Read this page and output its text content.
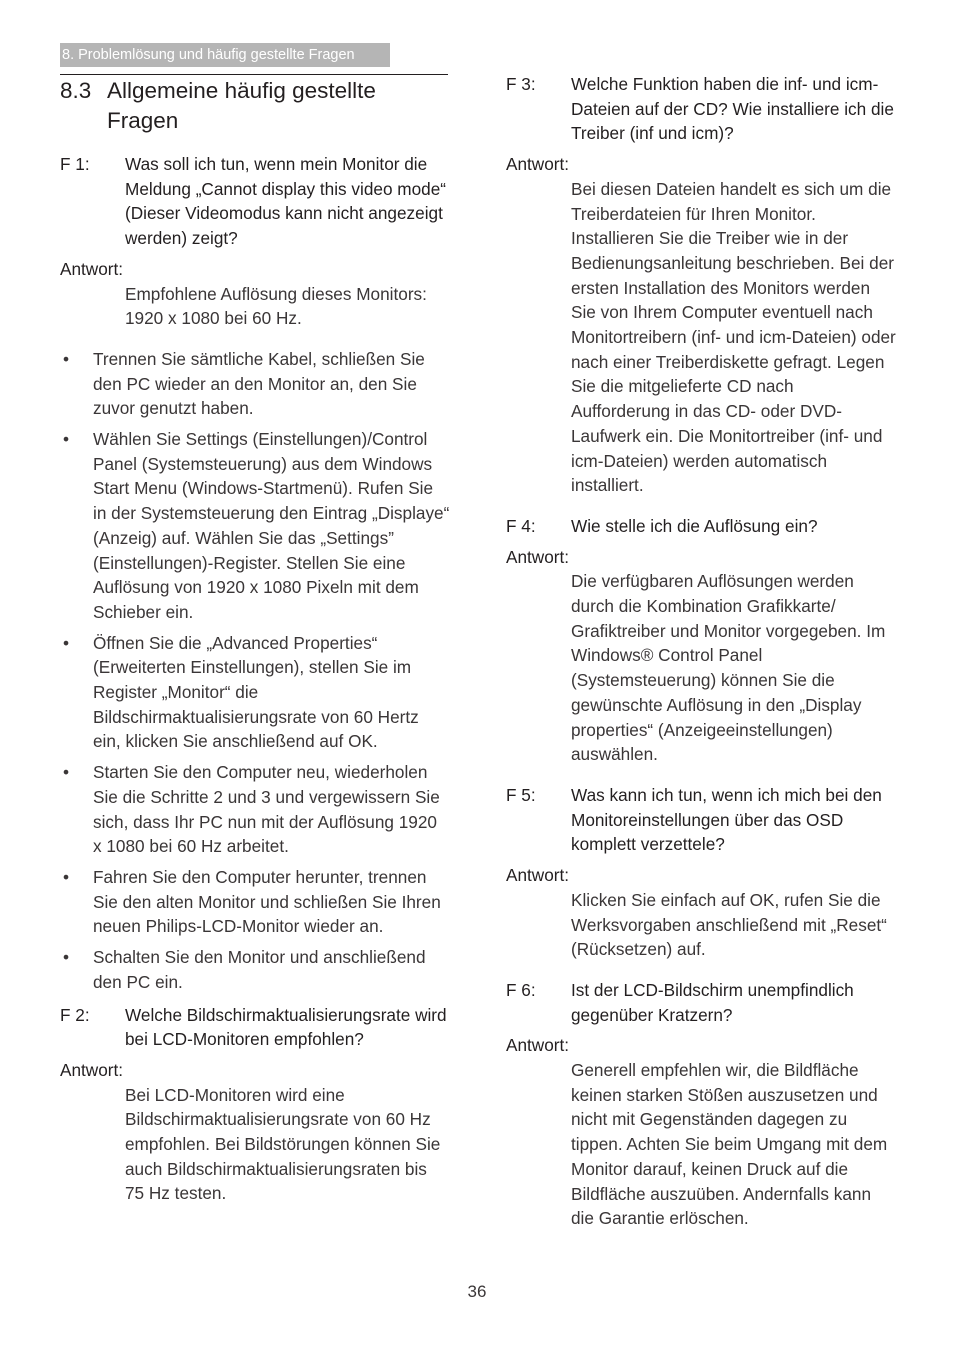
8. Problemlösung und häufig gestellte Fragen
8.3 Allgemeine häufig gestellte Fragen
F 1: Was soll ich tun, wenn mein Monitor die Meldung „Cannot display this video mode“ (Dieser Videomodus kann nicht angezeigt werden) zeigt?
Antwort:
Empfohlene Auflösung dieses Monitors: 1920 x 1080 bei 60 Hz.
• Trennen Sie sämtliche Kabel, schließen Sie den PC wieder an den Monitor an, den Sie zuvor genutzt haben.
• Wählen Sie Settings (Einstellungen)/Control Panel (Systemsteuerung) aus dem Windows Start Menu (Windows-Startmenü). Rufen Sie in der Systemsteuerung den Eintrag „Displaye“ (Anzeig) auf. Wählen Sie das „Settings” (Einstellungen)-Register. Stellen Sie eine Auflösung von 1920 x 1080 Pixeln mit dem Schieber ein.
• Öffnen Sie die „Advanced Properties“ (Erweiterten Einstellungen), stellen Sie im Register „Monitor“ die Bildschirmaktualisierungsrate von 60 Hertz ein, klicken Sie anschließend auf OK.
• Starten Sie den Computer neu, wiederholen Sie die Schritte 2 und 3 und vergewissern Sie sich, dass Ihr PC nun mit der Auflösung 1920 x 1080 bei 60 Hz arbeitet.
• Fahren Sie den Computer herunter, trennen Sie den alten Monitor und schließen Sie Ihren neuen Philips-LCD-Monitor wieder an.
• Schalten Sie den Monitor und anschließend den PC ein.
F 2: Welche Bildschirmaktualisierungsrate wird bei LCD-Monitoren empfohlen?
Antwort:
Bei LCD-Monitoren wird eine Bildschirmaktualisierungsrate von 60 Hz empfohlen. Bei Bildstörungen können Sie auch Bildschirmaktualisierungsraten bis 75 Hz testen.
F 3: Welche Funktion haben die inf- und icm-Dateien auf der CD? Wie installiere ich die Treiber (inf und icm)?
Antwort:
Bei diesen Dateien handelt es sich um die Treiberdateien für Ihren Monitor. Installieren Sie die Treiber wie in der Bedienungsanleitung beschrieben. Bei der ersten Installation des Monitors werden Sie von Ihrem Computer eventuell nach Monitortreibern (inf- und icm-Dateien) oder nach einer Treiberdiskette gefragt. Legen Sie die mitgelieferte CD nach Aufforderung in das CD- oder DVD-Laufwerk ein. Die Monitortreiber (inf- und icm-Dateien) werden automatisch installiert.
F 4: Wie stelle ich die Auflösung ein?
Antwort:
Die verfügbaren Auflösungen werden durch die Kombination Grafikkarte/ Grafiktreiber und Monitor vorgegeben. Im Windows® Control Panel (Systemsteuerung) können Sie die gewünschte Auflösung in den „Display properties“ (Anzeigeeinstellungen) auswählen.
F 5: Was kann ich tun, wenn ich mich bei den Monitoreinstellungen über das OSD komplett verzettele?
Antwort:
Klicken Sie einfach auf OK, rufen Sie die Werksvorgaben anschließend mit „Reset“ (Rücksetzen) auf.
F 6: Ist der LCD-Bildschirm unempfindlich gegenüber Kratzern?
Antwort:
Generell empfehlen wir, die Bildfläche keinen starken Stößen auszusetzen und nicht mit Gegenständen dagegen zu tippen. Achten Sie beim Umgang mit dem Monitor darauf, keinen Druck auf die Bildfläche auszuüben. Andernfalls kann die Garantie erlöschen.
36
